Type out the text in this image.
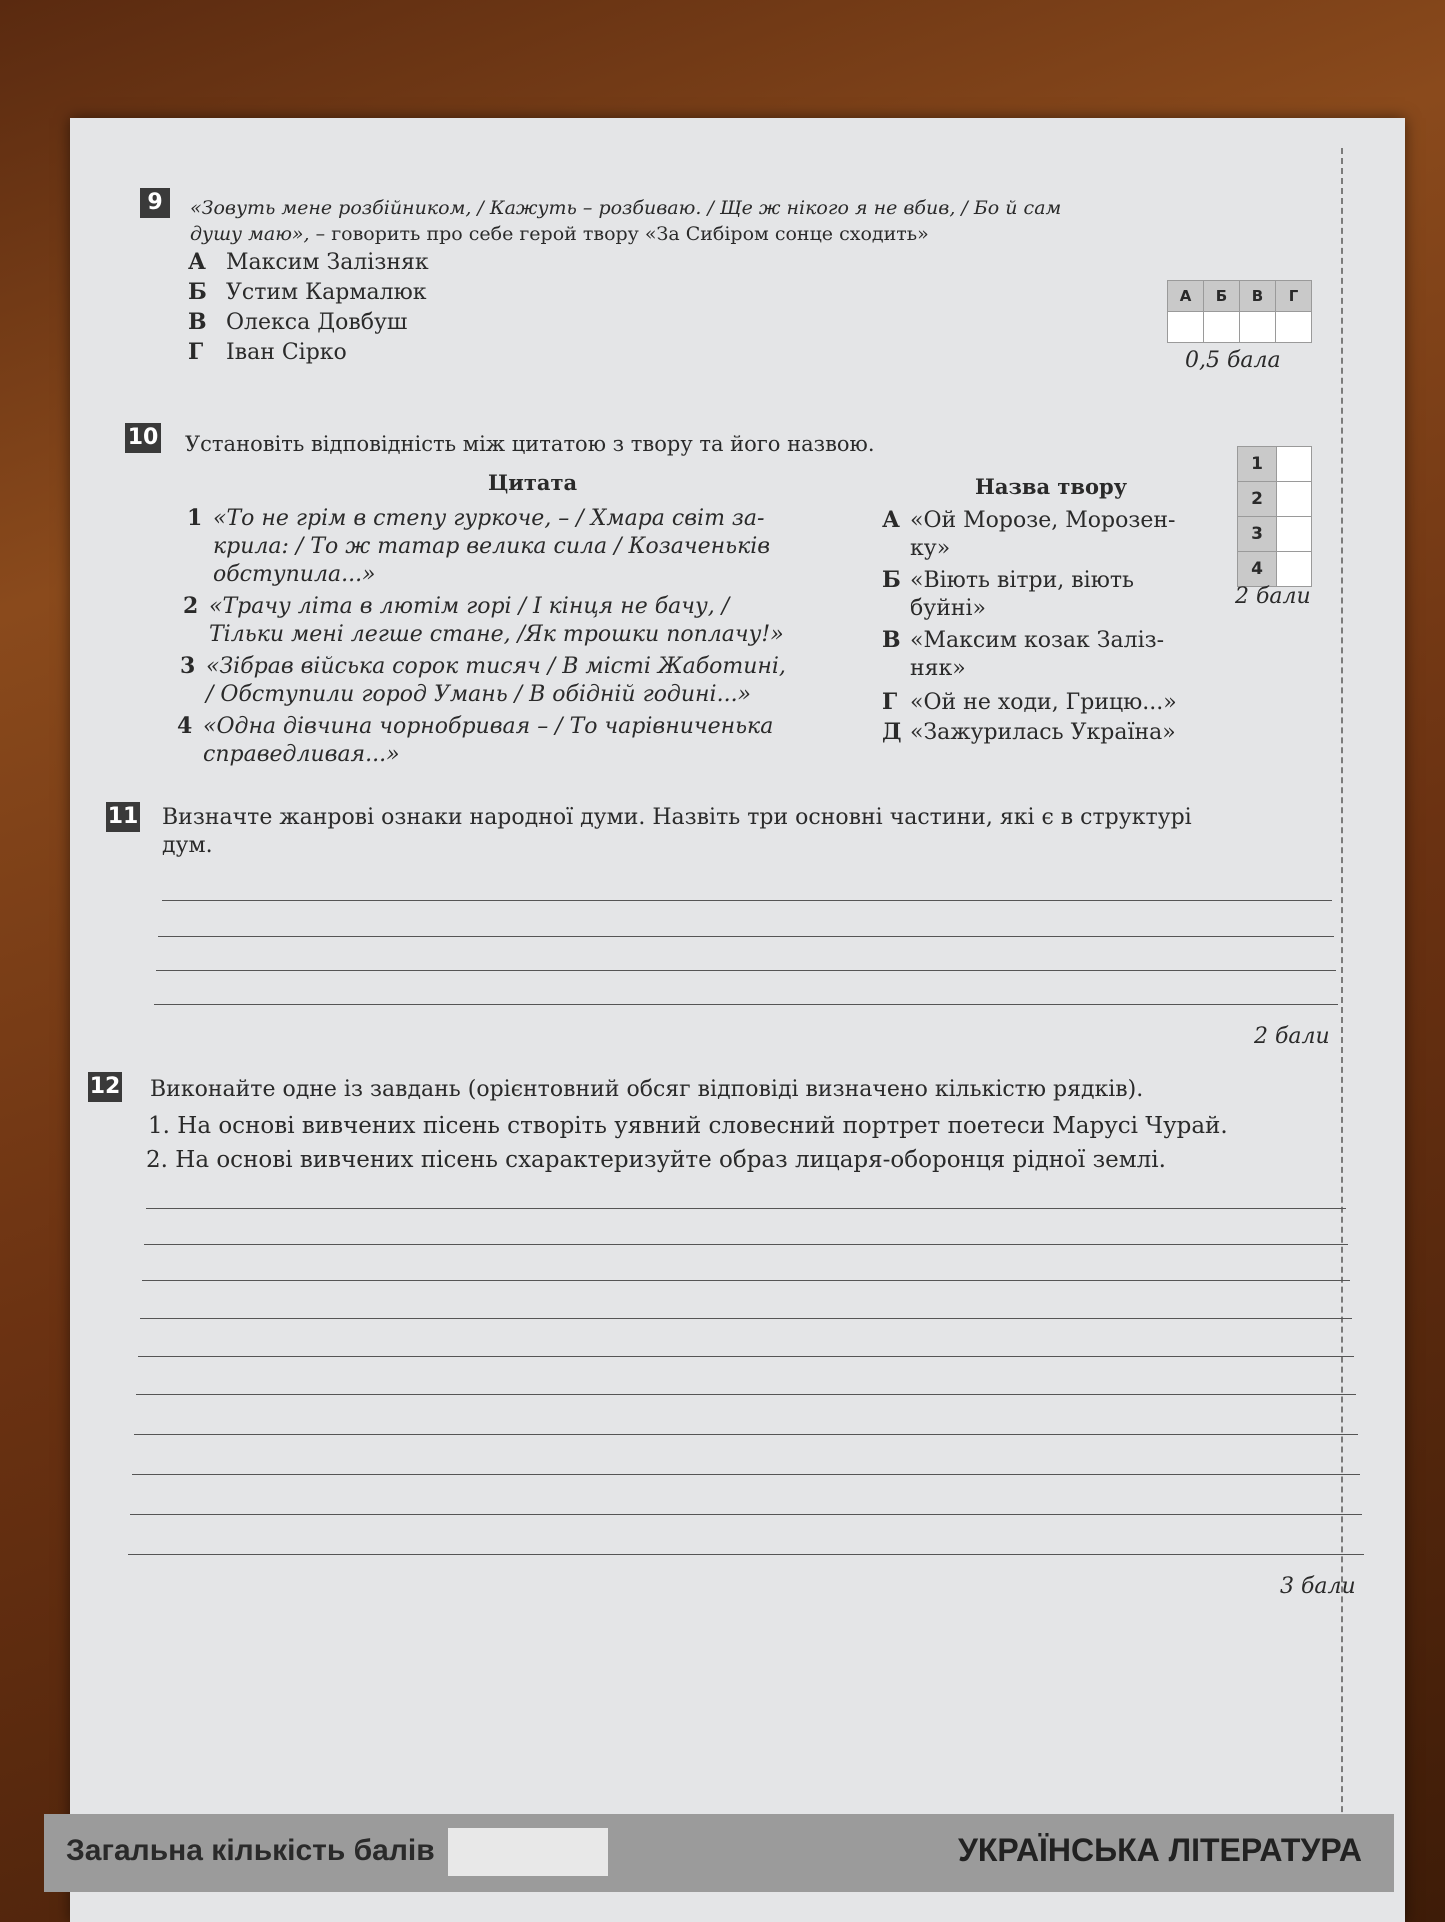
9	«Зовуть мене розбійником, / Кажуть – розбиваю. / Ще ж нікого я не вбив, / Бо й сам
душу маю», – говорить про себе герой твору «За Сибіром сонце сходить»
А Максим Залізняк
Б Устим Кармалюк
В Олекса Довбуш
Г Іван Сірко
А	Б	В	Г

0,5 бала
10 Установіть відповідність між цитатою з твору та його назвою.
Цитата	Назва твору
1 «То не грім в степу гуркоче, – / Хмара світ за-
крила: / То ж татар велика сила / Козаченьків
обступила...»
2 «Трачу літа в лютім горі / І кінця не бачу, /
Тільки мені легше стане, /Як трошки поплачу!»
3 «Зібрав війська сорок тисяч / В місті Жаботині,
/ Обступили город Умань / В обідній годині...»
4 «Одна дівчина чорнобривая – / То чарівниченька
справедливая...»
А «Ой Морозе, Морозен-
ку»
Б «Віють вітри, віють
буйні»
В «Максим козак Залiз-
няк»
Г «Ой не ходи, Грицю...»
Д «Зажурилась Україна»
1	
2	
3	
4	
2 бали
11 Визначте жанрові ознаки народної думи. Назвіть три основні частини, які є в структурі
дум.
2 бали
12 Виконайте одне із завдань (орієнтовний обсяг відповіді визначено кількістю рядків).
1. На основі вивчених пісень створіть уявний словесний портрет поетеси Марусі Чурай.
2. На основі вивчених пісень схарактеризуйте образ лицаря-оборонця рідної землі.
3 бали
Загальна кількість балів	УКРАЇНСЬКА ЛІТЕРАТУРА
